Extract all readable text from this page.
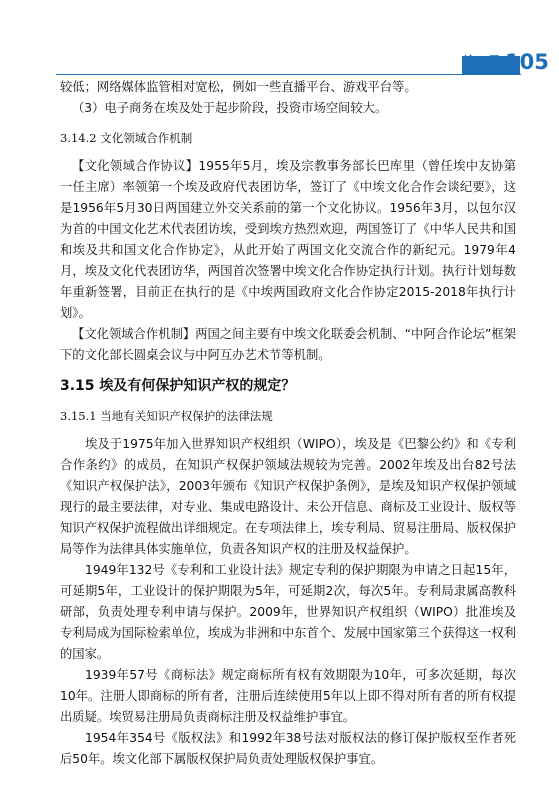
埃 及
105

较低；网络媒体监管相对宽松，例如一些直播平台、游戏平台等。

（3）电子商务在埃及处于起步阶段，投资市场空间较大。

3.14.2 文化领域合作机制

【文化领域合作协议】1955年5月，埃及宗教事务部长巴库里（曾任埃中友协第一任主席）率领第一个埃及政府代表团访华，签订了《中埃文化合作会谈纪要》，这是1956年5月30日两国建立外交关系前的第一个文化协议。1956年3月，以包尔汉为首的中国文化艺术代表团访埃，受到埃方热烈欢迎，两国签订了《中华人民共和国和埃及共和国文化合作协定》，从此开始了两国文化交流合作的新纪元。1979年4月，埃及文化代表团访华，两国首次签署中埃文化合作协定执行计划。执行计划每数年重新签署，目前正在执行的是《中埃两国政府文化合作协定2015-2018年执行计划》。

【文化领域合作机制】两国之间主要有中埃文化联委会机制、“中阿合作论坛”框架下的文化部长圆桌会议与中阿互办艺术节等机制。

3.15 埃及有何保护知识产权的规定？
3.15.1 当地有关知识产权保护的法律法规

埃及于1975年加入世界知识产权组织（WIPO），埃及是《巴黎公约》和《专利合作条约》的成员，在知识产权保护领域法规较为完善。2002年埃及出台82号法《知识产权保护法》，2003年颁布《知识产权保护条例》，是埃及知识产权保护领域现行的最主要法律，对专业、集成电路设计、未公开信息、商标及工业设计、版权等知识产权保护流程做出详细规定。在专项法律上，埃专利局、贸易注册局、版权保护局等作为法律具体实施单位，负责各知识产权的注册及权益保护。

1949年132号《专利和工业设计法》规定专利的保护期限为申请之日起15年，可延期5年，工业设计的保护期限为5年，可延期2次，每次5年。专利局隶属高教科研部，负责处理专利申请与保护。2009年，世界知识产权组织（WIPO）批准埃及专利局成为国际检索单位，埃成为非洲和中东首个、发展中国家第三个获得这一权利的国家。

1939年57号《商标法》规定商标所有权有效期限为10年，可多次延期，每次10年。注册人即商标的所有者，注册后连续使用5年以上即不得对所有者的所有权提出质疑。埃贸易注册局负责商标注册及权益维护事宜。

1954年354号《版权法》和1992年38号法对版权法的修订保护版权至作者死后50年。埃文化部下属版权保护局负责处理版权保护事宜。
